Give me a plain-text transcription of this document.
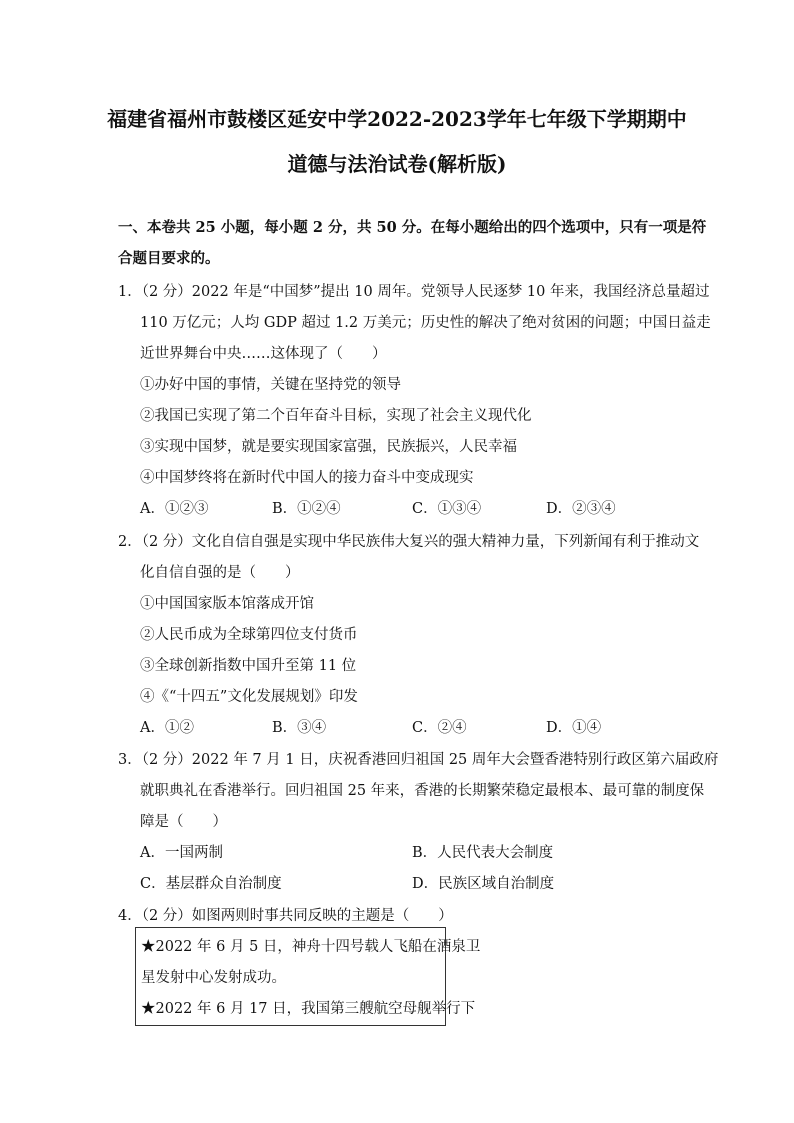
福建省福州市鼓楼区延安中学2022-2023学年七年级下学期期中
道德与法治试卷(解析版)
一、本卷共 25 小题，每小题 2 分，共 50 分。在每小题给出的四个选项中，只有一项是符
合题目要求的。
1．（2 分）2022 年是“中国梦”提出 10 周年。党领导人民逐梦 10 年来，我国经济总量超过
110 万亿元；人均 GDP 超过 1.2 万美元；历史性的解决了绝对贫困的问题；中国日益走
近世界舞台中央……这体现了（　　）
①办好中国的事情，关键在坚持党的领导
②我国已实现了第二个百年奋斗目标，实现了社会主义现代化
③实现中国梦，就是要实现国家富强，民族振兴，人民幸福
④中国梦终将在新时代中国人的接力奋斗中变成现实
A．①②③	B．①②④	C．①③④	D．②③④
2．（2 分）文化自信自强是实现中华民族伟大复兴的强大精神力量，下列新闻有利于推动文
化自信自强的是（　　）
①中国国家版本馆落成开馆
②人民币成为全球第四位支付货币
③全球创新指数中国升至第 11 位
④《“十四五”文化发展规划》印发
A．①②	B．③④	C．②④	D．①④
3．（2 分）2022 年 7 月 1 日，庆祝香港回归祖国 25 周年大会暨香港特别行政区第六届政府
就职典礼在香港举行。回归祖国 25 年来，香港的长期繁荣稳定最根本、最可靠的制度保
障是（　　）
A．一国两制	B．人民代表大会制度
C．基层群众自治制度	D．民族区域自治制度
4．（2 分）如图两则时事共同反映的主题是（　　）
★2022 年 6 月 5 日，神舟十四号载人飞船在酒泉卫
星发射中心发射成功。
★2022 年 6 月 17 日，我国第三艘航空母舰举行下
